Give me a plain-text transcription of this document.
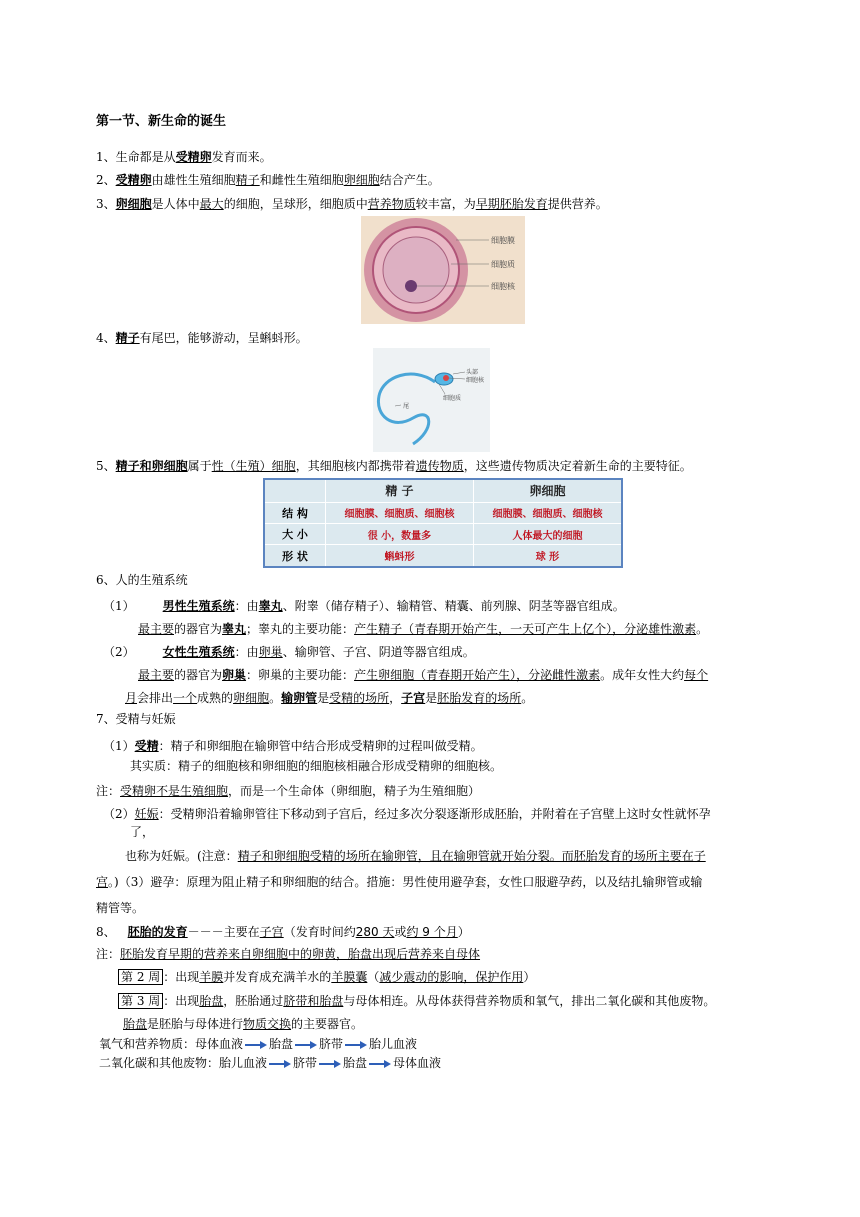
第一节、新生命的诞生
1、生命都是从受精卵发育而来。
2、受精卵由雄性生殖细胞精子和雌性生殖细胞卵细胞结合产生。
3、卵细胞是人体中最大的细胞，呈球形，细胞质中营养物质较丰富，为早期胚胎发育提供营养。
细胞膜
细胞质
细胞核
4、精子有尾巴，能够游动，呈蝌蚪形。
头部
细胞核
细胞质
尾
5、精子和卵细胞属于性（生殖）细胞，其细胞核内都携带着遗传物质，这些遗传物质决定着新生命的主要特征。
	精 子	卵细胞
结 构	细胞膜、细胞质、细胞核	细胞膜、细胞质、细胞核
大 小	很 小，数量多	人体最大的细胞
形 状	蝌蚪形	球 形
6、人的生殖系统
（1） 男性生殖系统：由睾丸、附睾（储存精子）、输精管、精囊、前列腺、阴茎等器官组成。
最主要的器官为睾丸；睾丸的主要功能：产生精子（青春期开始产生，一天可产生上亿个），分泌雄性激素。
（2） 女性生殖系统：由卵巢、输卵管、子宫、阴道等器官组成。
最主要的器官为卵巢：卵巢的主要功能：产生卵细胞（青春期开始产生），分泌雌性激素。成年女性大约每个
月会排出一个成熟的卵细胞。输卵管是受精的场所，子宫是胚胎发育的场所。
7、受精与妊娠
（1）受精：精子和卵细胞在输卵管中结合形成受精卵的过程叫做受精。
其实质：精子的细胞核和卵细胞的细胞核相融合形成受精卵的细胞核。
注：受精卵不是生殖细胞，而是一个生命体（卵细胞，精子为生殖细胞）
（2）妊娠：受精卵沿着输卵管往下移动到子宫后，经过多次分裂逐渐形成胚胎，并附着在子宫壁上这时女性就怀孕
了，
也称为妊娠。(注意：精子和卵细胞受精的场所在输卵管，且在输卵管就开始分裂。而胚胎发育的场所主要在子
宫。)（3）避孕：原理为阻止精子和卵细胞的结合。措施：男性使用避孕套，女性口服避孕药，以及结扎输卵管或输
精管等。
8、 胚胎的发育－－－主要在子宫（发育时间约280 天或约 9 个月）
注：胚胎发育早期的营养来自卵细胞中的卵黄，胎盘出现后营养来自母体
第 2 周 ：出现羊膜并发育成充满羊水的羊膜囊（减少震动的影响，保护作用）
第 3 周 ：出现胎盘，胚胎通过脐带和胎盘与母体相连。从母体获得营养物质和氧气，排出二氧化碳和其他废物。
胎盘是胚胎与母体进行物质交换的主要器官。
氧气和营养物质：母体血液 胎盘 脐带 胎儿血液
二氧化碳和其他废物：胎儿血液 脐带 胎盘 母体血液
